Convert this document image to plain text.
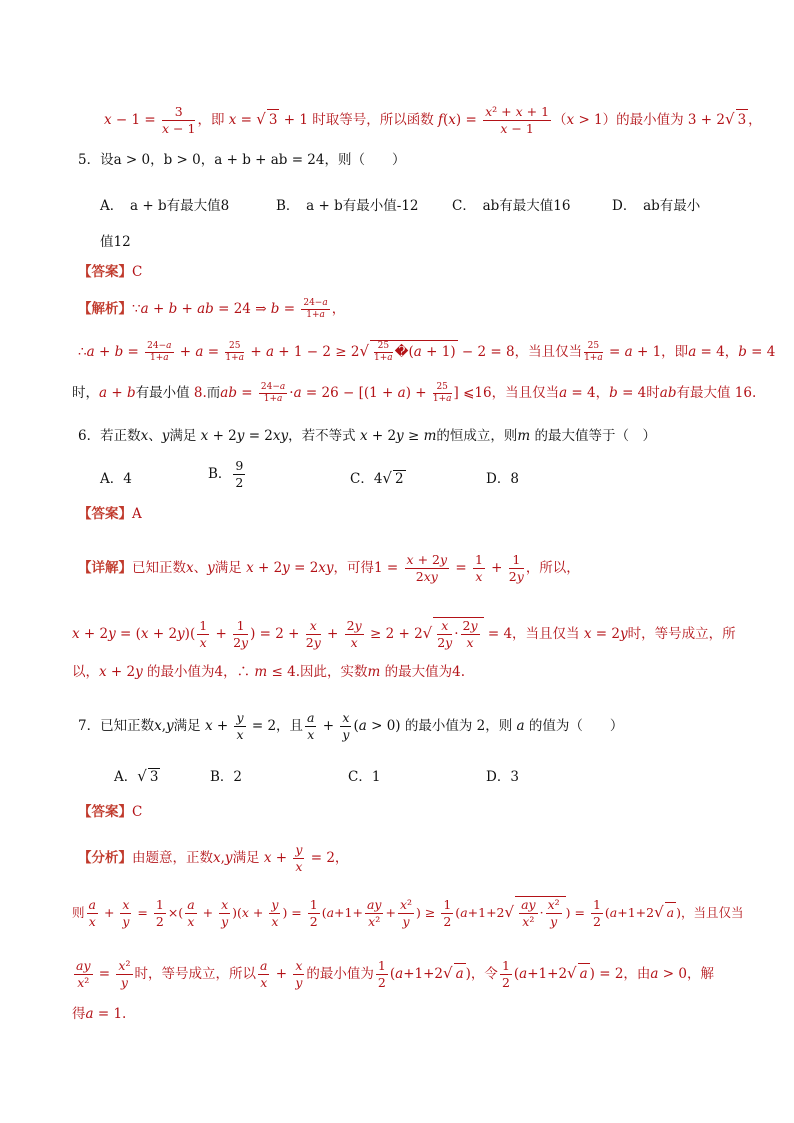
$x - 1 = \frac{3}{x - 1}$ ，即 x = √ 3 + 1 时取等号，所以函数 $f(x) = \frac{\text{x² + x + 1}}{x - 1} (x > 1)$的最小值为 3 + 2√ 3 ，
5．设a > 0，b > 0，a + b + ab = 24，则（　　）
A．　a + b有最大值8	B．　a + b有最小值-12 C．　ab有最大值16	D．　ab有最小
值12
【答案】C
【解析】∵a + b + ab = 24 ⇒ $b = \frac{24-a}{1+a}$ ，
∴a + $b = \frac{24-a}{1+a} + a = \frac{25}{1+a} + a + 1 - 2 \ge 2√ \frac{25}{1+a}$ �(a + 1) − 2 = 8，当且仅当 $\frac{25}{1+a} = a + 1$，即a = 4，b = 4
时，a + b有最小值 8.而ab = $\frac{24-a}{1+a} \cdot a = 26 - [(1 + a) + \frac{25}{1+a}$ ] ⩽16，当且仅当a = 4，b = 4时ab有最大值 16.
6．若正数x、y满足 x + 2y = 2xy，若不等式 x + 2y ≥ m的恒成立，则m 的最大值等于（　）
A．4	B． $\frac{9}{2}$	C．4√ 2	D．8
【答案】A
【详解】已知正数x、y满足 x + 2y = 2xy，可得$1 = \frac{x + 2y}{2xy} = \frac{1}{x} + \frac{1}{2y}$ ，所以，
$x + 2y = (x + 2y)( \frac{1}{x} + \frac{1}{2y}$ ) = $2 + \frac{x}{2y} + \frac{2y}{x} \ge 2 + 2√ \frac{x}{2y} \cdot \frac{2y}{x} = 4$，当且仅当 x = 2y时，等号成立，所
以，x + 2y 的最小值为4，∴ m ≤ 4.因此，实数m 的最大值为4.
7．已知正数x,y满足 $x + \frac{y}{x} = 2$，且 $\frac{a}{x} + \frac{x}{y} (a > 0)$ 的最小值为 2，则 a 的值为（　　）
A．√ 3	B．2	C．1	D．3
【答案】C
【分析】由题意，正数x,y满足 $x + \frac{y}{x} = 2$，
则 $\frac{a}{x} + \frac{x}{y} = \frac{1}{2}$ ×( $\frac{a}{x} + \frac{x}{y} )(x + \frac{y}{x}$ ) = $\frac{1}{2} (a+1+ \frac{ay}{\text{x²}} + \frac{\text{x²}}{y}$ ) ≥ $\frac{1}{2} (a+1+2√ \frac{ay}{\text{x²}} \cdot \frac{\text{x²}}{y}$ ) = $\frac{1}{2} (a+1+2√$ a )，当且仅当
$\frac{ay}{\text{x²}} = \frac{\text{x²}}{y}$ 时，等号成立，所以 $\frac{a}{x} + \frac{x}{y}$ 的最小值为 $\frac{1}{2} (a+1+2√$ a )，令 $\frac{1}{2} (a+1+2√$ a ) = 2，由a > 0，解
得a = 1.
